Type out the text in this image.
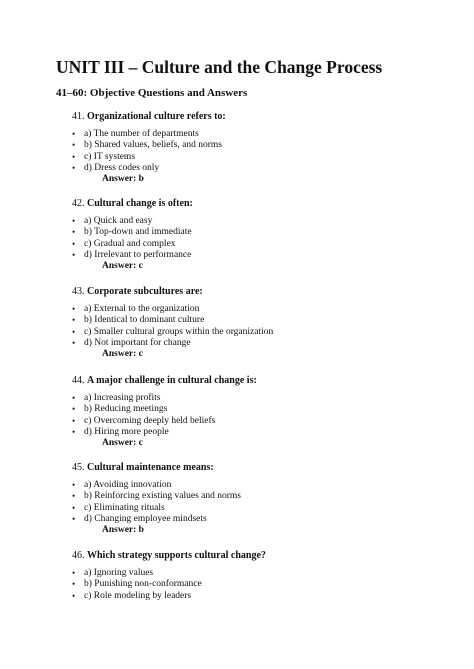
UNIT III – Culture and the Change Process
41–60: Objective Questions and Answers
41. Organizational culture refers to:
• a) The number of departments
• b) Shared values, beliefs, and norms
• c) IT systems
• d) Dress codes only
Answer: b
42. Cultural change is often:
• a) Quick and easy
• b) Top-down and immediate
• c) Gradual and complex
• d) Irrelevant to performance
Answer: c
43. Corporate subcultures are:
• a) External to the organization
• b) Identical to dominant culture
• c) Smaller cultural groups within the organization
• d) Not important for change
Answer: c
44. A major challenge in cultural change is:
• a) Increasing profits
• b) Reducing meetings
• c) Overcoming deeply held beliefs
• d) Hiring more people
Answer: c
45. Cultural maintenance means:
• a) Avoiding innovation
• b) Reinforcing existing values and norms
• c) Eliminating rituals
• d) Changing employee mindsets
Answer: b
46. Which strategy supports cultural change?
• a) Ignoring values
• b) Punishing non-conformance
• c) Role modeling by leaders
